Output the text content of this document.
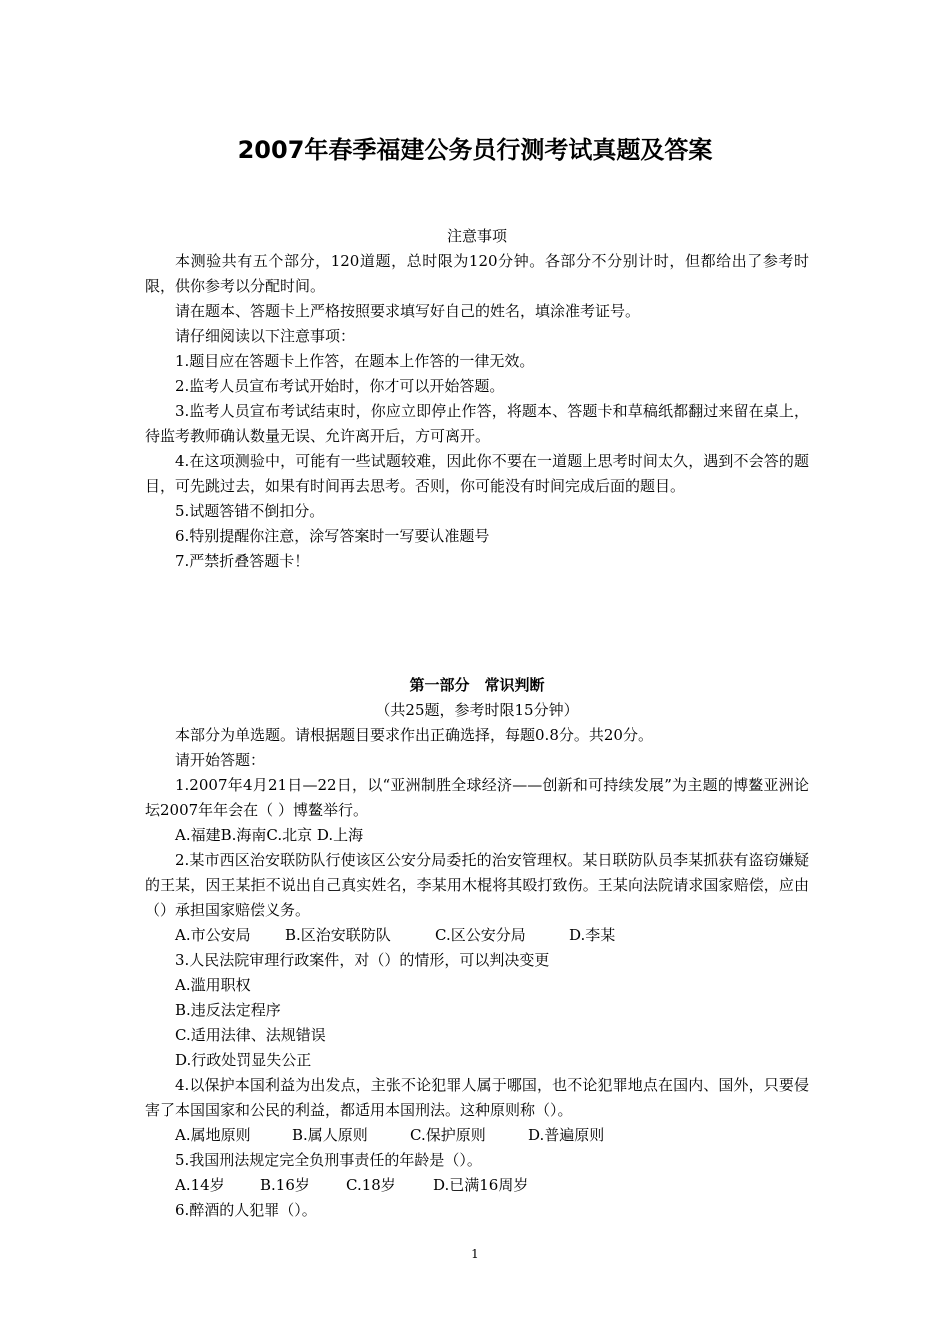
2007年春季福建公务员行测考试真题及答案
注意事项

本测验共有五个部分，120道题，总时限为120分钟。各部分不分别计时，但都给出了参考时限，供你参考以分配时间。

请在题本、答题卡上严格按照要求填写好自己的姓名，填涂准考证号。

请仔细阅读以下注意事项：

1.题目应在答题卡上作答，在题本上作答的一律无效。

2.监考人员宣布考试开始时，你才可以开始答题。

3.监考人员宣布考试结束时，你应立即停止作答，将题本、答题卡和草稿纸都翻过来留在桌上，待监考教师确认数量无误、允许离开后，方可离开。

4.在这项测验中，可能有一些试题较难，因此你不要在一道题上思考时间太久，遇到不会答的题目，可先跳过去，如果有时间再去思考。否则，你可能没有时间完成后面的题目。

5.试题答错不倒扣分。

6.特别提醒你注意，涂写答案时一写要认准题号

7.严禁折叠答题卡！

第一部分　常识判断
（共25题，参考时限15分钟）

本部分为单选题。请根据题目要求作出正确选择，每题0.8分。共20分。

请开始答题：

1.2007年4月21日—22日，以“亚洲制胜全球经济——创新和可持续发展”为主题的博鳌亚洲论坛2007年年会在（ ）博鳌举行。

A.福建B.海南C.北京 D.上海

2.某市西区治安联防队行使该区公安分局委托的治安管理权。某日联防队员李某抓获有盗窃嫌疑的王某，因王某拒不说出自己真实姓名，李某用木棍将其殴打致伤。王某向法院请求国家赔偿，应由（）承担国家赔偿义务。

A.市公安局 B.区治安联防队	C.区公安分局	D.李某

3.人民法院审理行政案件，对（）的情形，可以判决变更

A.滥用职权

B.违反法定程序

C.适用法律、法规错误

D.行政处罚显失公正

4.以保护本国利益为出发点，主张不论犯罪人属于哪国，也不论犯罪地点在国内、国外，只要侵害了本国国家和公民的利益，都适用本国刑法。这种原则称（）。

A.属地原则	B.属人原则	C.保护原则	D.普遍原则

5.我国刑法规定完全负刑事责任的年龄是（）。

A.14岁 B.16岁 C.18岁 D.已满16周岁

6.醉酒的人犯罪（）。

1
